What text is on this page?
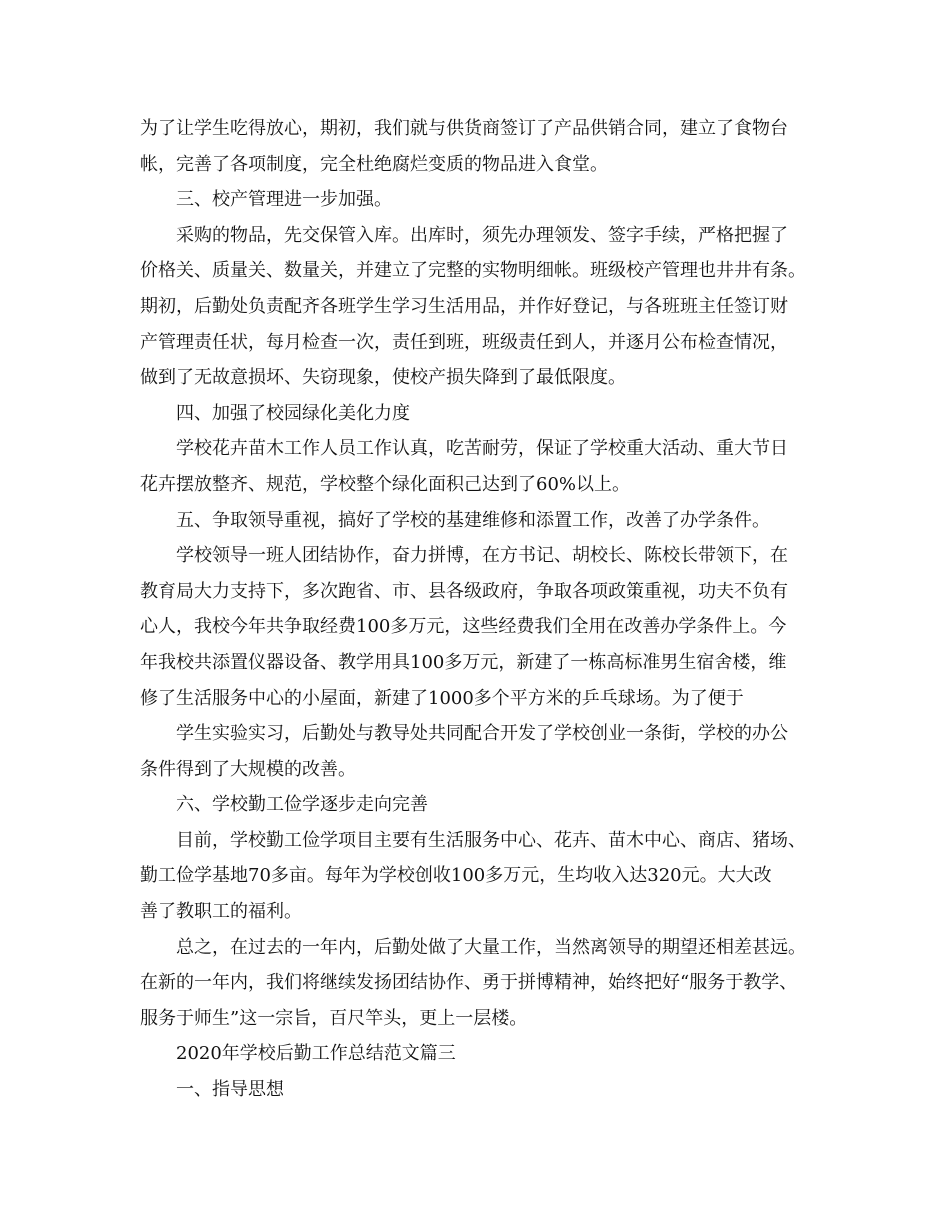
为了让学生吃得放心，期初，我们就与供货商签订了产品供销合同，建立了食物台
帐，完善了各项制度，完全杜绝腐烂变质的物品进入食堂。
三、校产管理进一步加强。
采购的物品，先交保管入库。出库时，须先办理领发、签字手续，严格把握了
价格关、质量关、数量关，并建立了完整的实物明细帐。班级校产管理也井井有条。
期初，后勤处负责配齐各班学生学习生活用品，并作好登记，与各班班主任签订财
产管理责任状，每月检查一次，责任到班，班级责任到人，并逐月公布检查情况，
做到了无故意损坏、失窃现象，使校产损失降到了最低限度。
四、加强了校园绿化美化力度
学校花卉苗木工作人员工作认真，吃苦耐劳，保证了学校重大活动、重大节日
花卉摆放整齐、规范，学校整个绿化面积己达到了60%以上。
五、争取领导重视，搞好了学校的基建维修和添置工作，改善了办学条件。
学校领导一班人团结协作，奋力拼博，在方书记、胡校长、陈校长带领下，在
教育局大力支持下，多次跑省、市、县各级政府，争取各项政策重视，功夫不负有
心人，我校今年共争取经费100多万元，这些经费我们全用在改善办学条件上。今
年我校共添置仪器设备、教学用具100多万元，新建了一栋高标准男生宿舍楼，维
修了生活服务中心的小屋面，新建了1000多个平方米的乒乓球场。为了便于
学生实验实习，后勤处与教导处共同配合开发了学校创业一条街，学校的办公
条件得到了大规模的改善。
六、学校勤工俭学逐步走向完善
目前，学校勤工俭学项目主要有生活服务中心、花卉、苗木中心、商店、猪场、
勤工俭学基地70多亩。每年为学校创收100多万元，生均收入达320元。大大改
善了教职工的福利。
总之，在过去的一年内，后勤处做了大量工作，当然离领导的期望还相差甚远。
在新的一年内，我们将继续发扬团结协作、勇于拼博精神，始终把好“服务于教学、
服务于师生”这一宗旨，百尺竿头，更上一层楼。
2020年学校后勤工作总结范文篇三
一、指导思想
